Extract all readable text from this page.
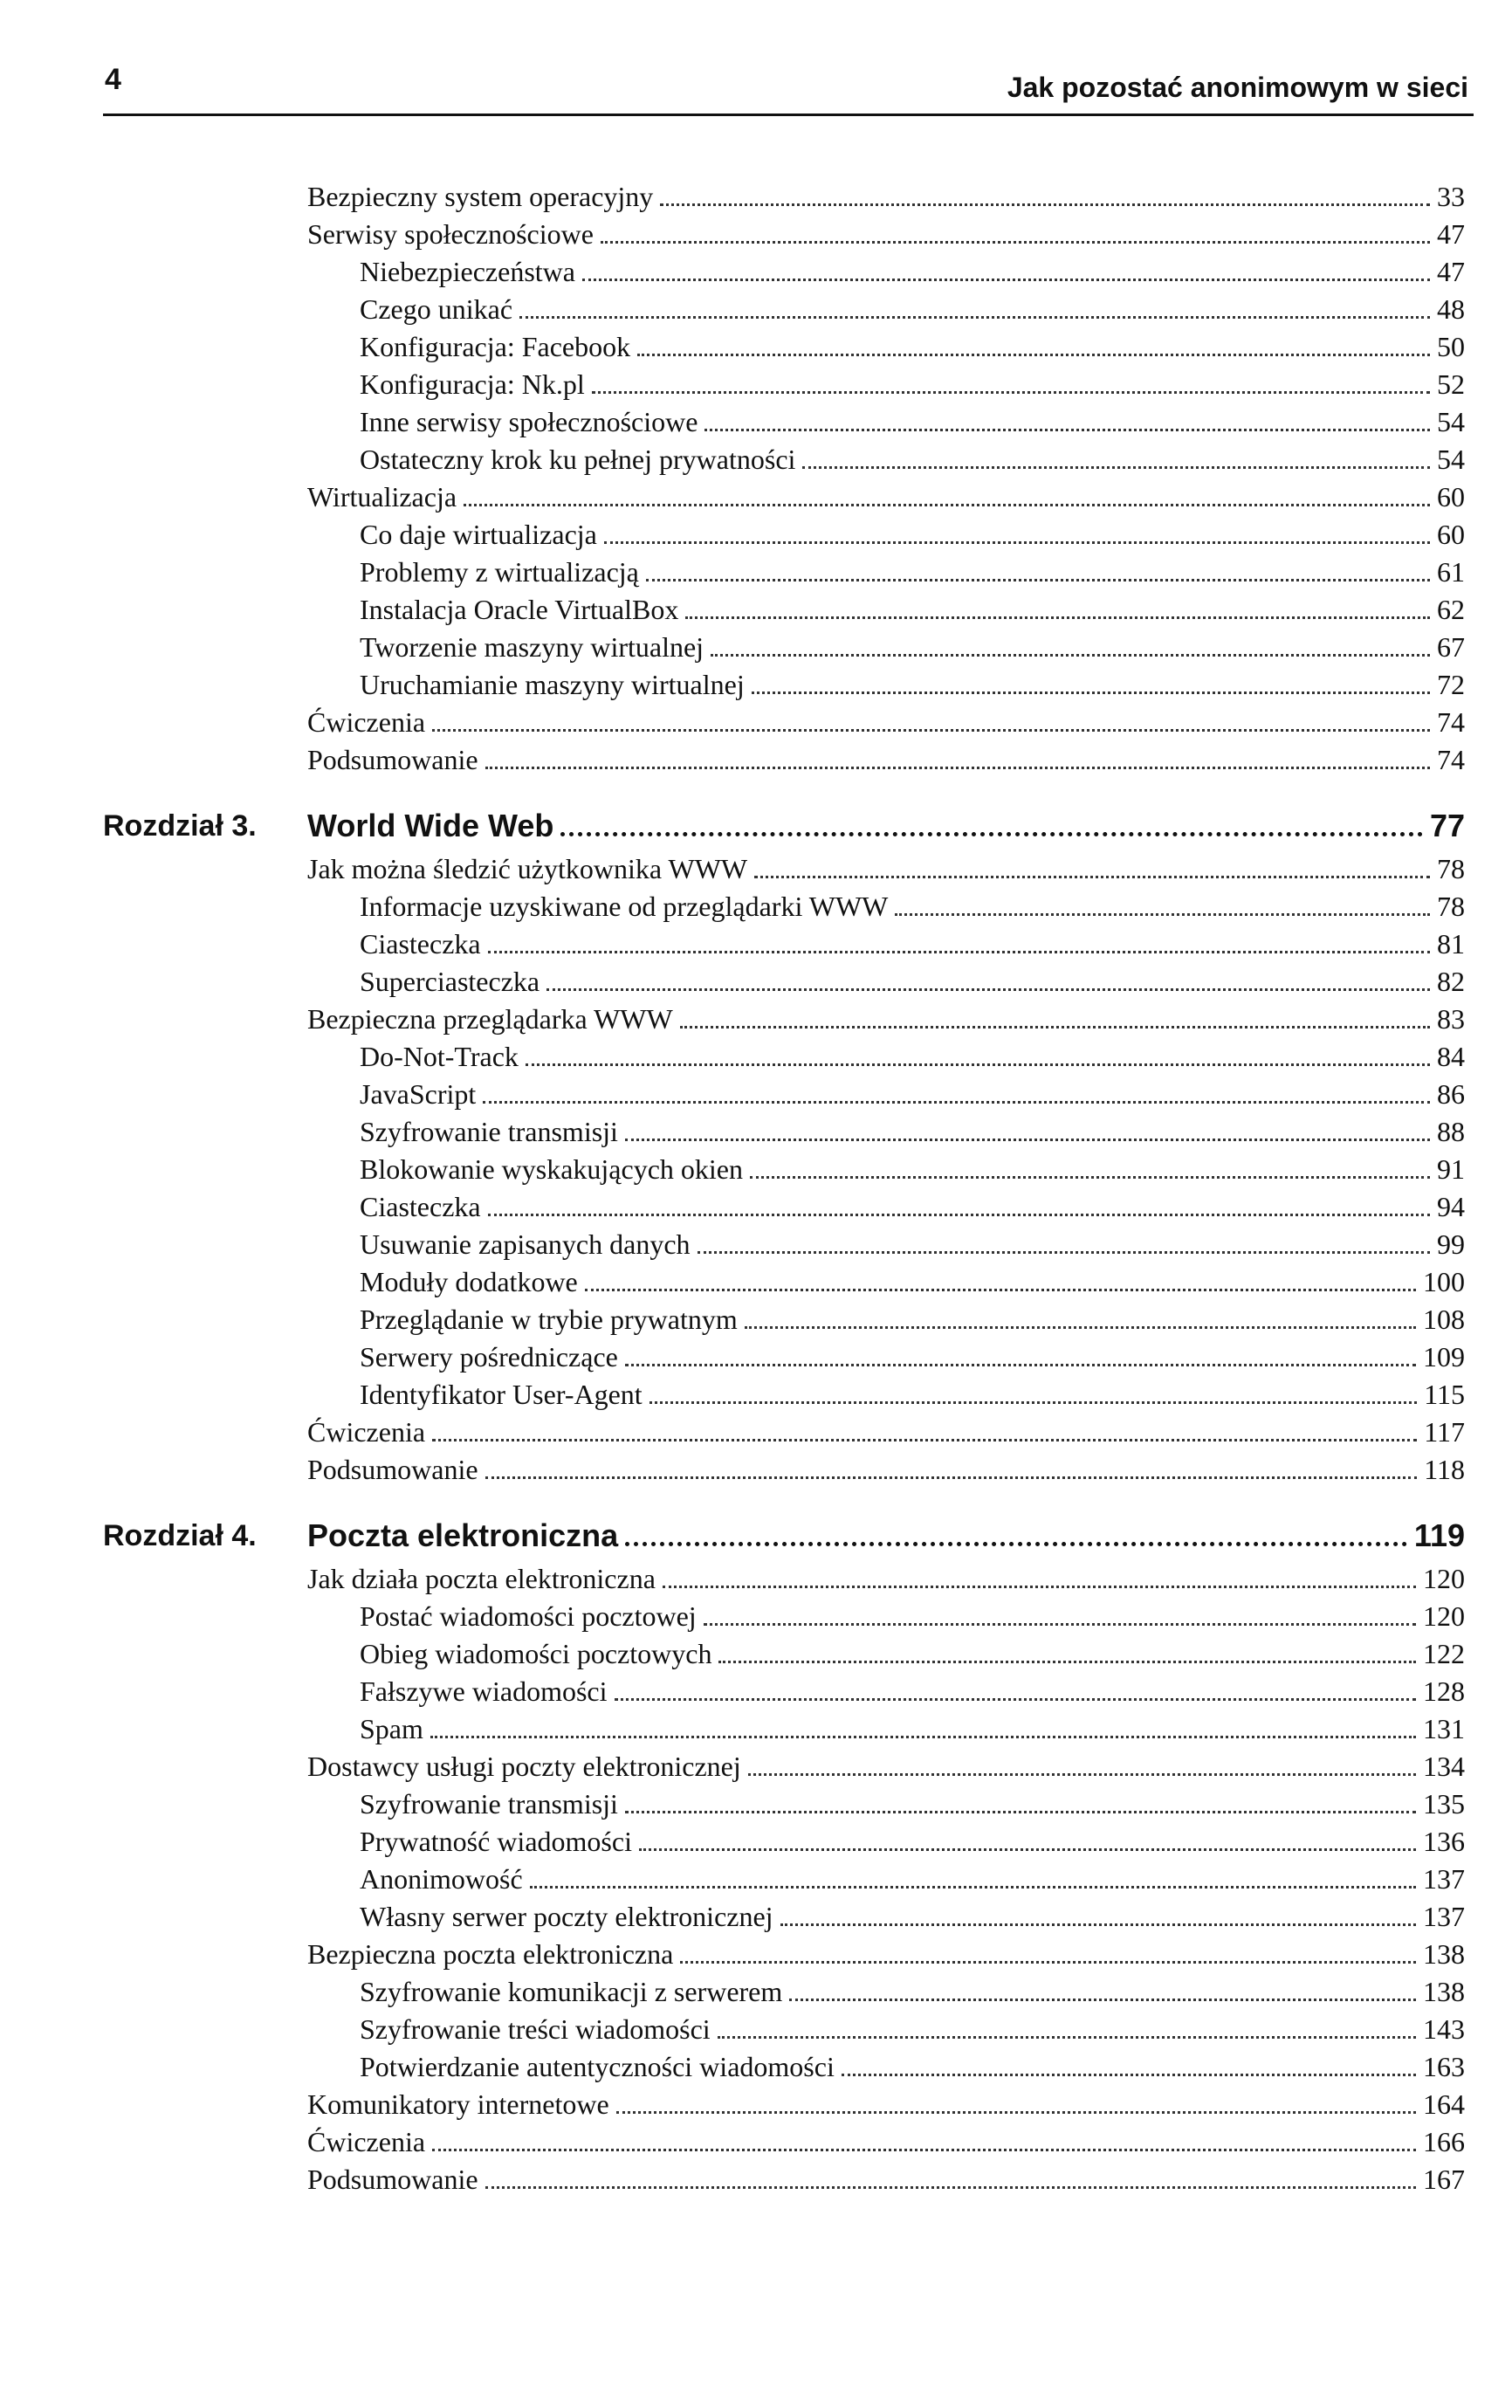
4	Jak pozostać anonimowym w sieci
Bezpieczny system operacyjny	33
Serwisy społecznościowe	47
Niebezpieczeństwa	47
Czego unikać	48
Konfiguracja: Facebook	50
Konfiguracja: Nk.pl	52
Inne serwisy społecznościowe	54
Ostateczny krok ku pełnej prywatności	54
Wirtualizacja	60
Co daje wirtualizacja	60
Problemy z wirtualizacją	61
Instalacja Oracle VirtualBox	62
Tworzenie maszyny wirtualnej	67
Uruchamianie maszyny wirtualnej	72
Ćwiczenia	74
Podsumowanie	74
Rozdział 3. World Wide Web	77
Jak można śledzić użytkownika WWW	78
Informacje uzyskiwane od przeglądarki WWW	78
Ciasteczka	81
Superciasteczka	82
Bezpieczna przeglądarka WWW	83
Do-Not-Track	84
JavaScript	86
Szyfrowanie transmisji	88
Blokowanie wyskakujących okien	91
Ciasteczka	94
Usuwanie zapisanych danych	99
Moduły dodatkowe	100
Przeglądanie w trybie prywatnym	108
Serwery pośredniczące	109
Identyfikator User-Agent	115
Ćwiczenia	117
Podsumowanie	118
Rozdział 4. Poczta elektroniczna	119
Jak działa poczta elektroniczna	120
Postać wiadomości pocztowej	120
Obieg wiadomości pocztowych	122
Fałszywe wiadomości	128
Spam	131
Dostawcy usługi poczty elektronicznej	134
Szyfrowanie transmisji	135
Prywatność wiadomości	136
Anonimowość	137
Własny serwer poczty elektronicznej	137
Bezpieczna poczta elektroniczna	138
Szyfrowanie komunikacji z serwerem	138
Szyfrowanie treści wiadomości	143
Potwierdzanie autentyczności wiadomości	163
Komunikatory internetowe	164
Ćwiczenia	166
Podsumowanie	167
